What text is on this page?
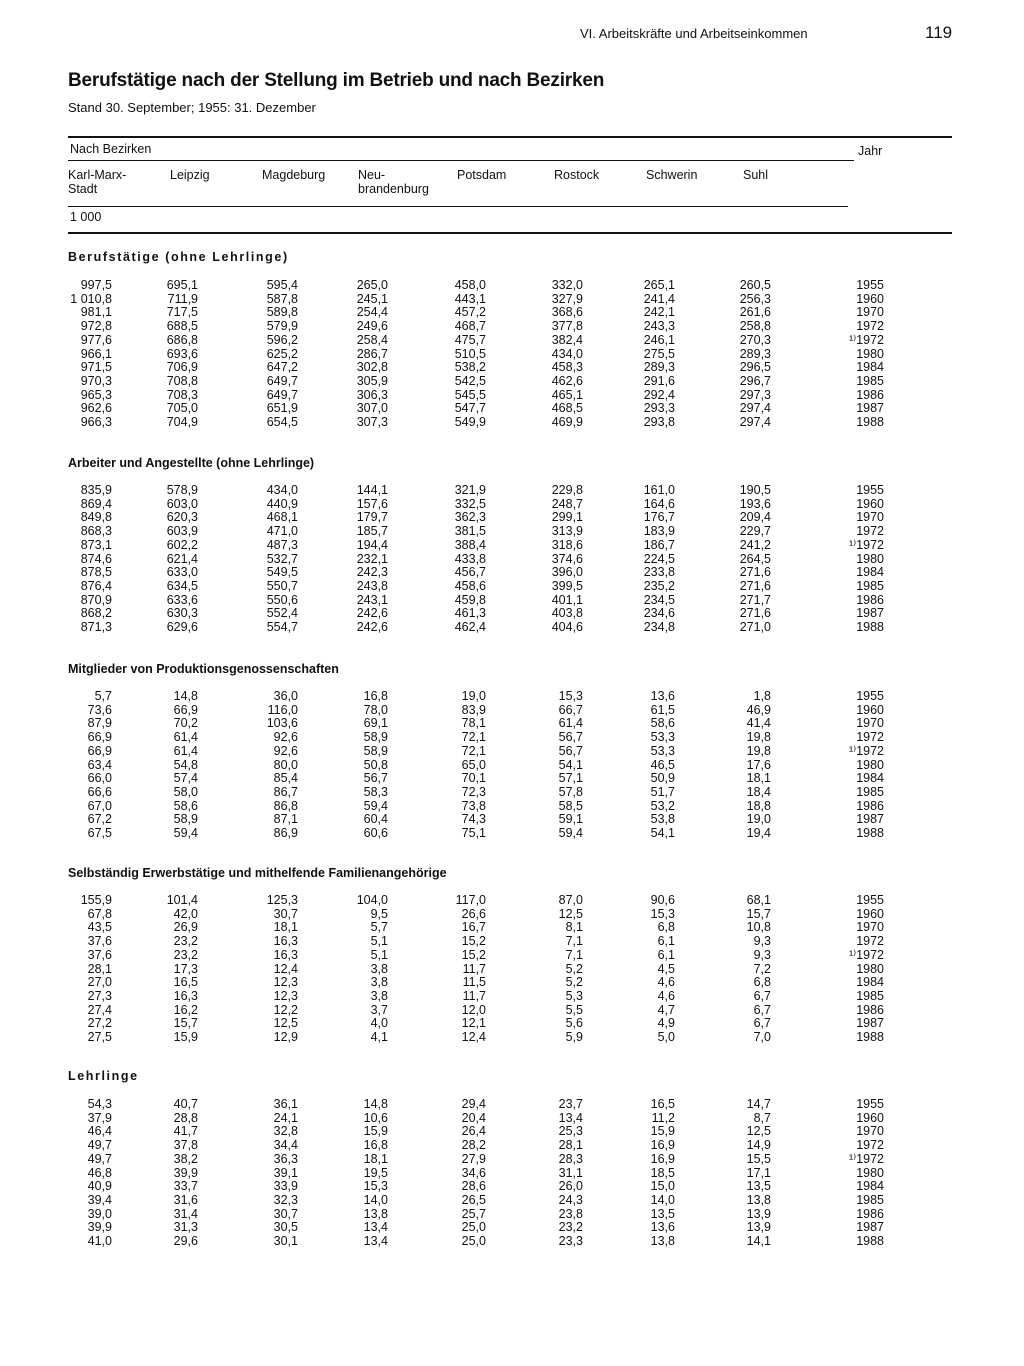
VI. Arbeitskräfte und Arbeitseinkommen	119
Berufstätige nach der Stellung im Betrieb und nach Bezirken
Stand 30. September; 1955: 31. Dezember
Nach Bezirken	Jahr
Karl-Marx-
Stadt
Leipzig	Magdeburg	Neu-
brandenburg
Potsdam	Rostock	Schwerin	Suhl
1 000
Berufstätige (ohne Lehrlinge)
Arbeiter und Angestellte (ohne Lehrlinge)
Mitglieder von Produktionsgenossenschaften
Selbständig Erwerbstätige und mithelfende Familienangehörige
Lehrlinge
997,5	695,1	595,4	265,0	458,0	332,0	265,1	260,5	1955
1 010,8	711,9	587,8	245,1	443,1	327,9	241,4	256,3	1960
981,1	717,5	589,8	254,4	457,2	368,6	242,1	261,6	1970
972,8	688,5	579,9	249,6	468,7	377,8	243,3	258,8	1972
977,6	686,8	596,2	258,4	475,7	382,4	246,1	270,3	¹⁾1972
966,1	693,6	625,2	286,7	510,5	434,0	275,5	289,3	1980
971,5	706,9	647,2	302,8	538,2	458,3	289,3	296,5	1984
970,3	708,8	649,7	305,9	542,5	462,6	291,6	296,7	1985
965,3	708,3	649,7	306,3	545,5	465,1	292,4	297,3	1986
962,6	705,0	651,9	307,0	547,7	468,5	293,3	297,4	1987
966,3	704,9	654,5	307,3	549,9	469,9	293,8	297,4	1988
835,9	578,9	434,0	144,1	321,9	229,8	161,0	190,5	1955
869,4	603,0	440,9	157,6	332,5	248,7	164,6	193,6	1960
849,8	620,3	468,1	179,7	362,3	299,1	176,7	209,4	1970
868,3	603,9	471,0	185,7	381,5	313,9	183,9	229,7	1972
873,1	602,2	487,3	194,4	388,4	318,6	186,7	241,2	¹⁾1972
874,6	621,4	532,7	232,1	433,8	374,6	224,5	264,5	1980
878,5	633,0	549,5	242,3	456,7	396,0	233,8	271,6	1984
876,4	634,5	550,7	243,8	458,6	399,5	235,2	271,6	1985
870,9	633,6	550,6	243,1	459,8	401,1	234,5	271,7	1986
868,2	630,3	552,4	242,6	461,3	403,8	234,6	271,6	1987
871,3	629,6	554,7	242,6	462,4	404,6	234,8	271,0	1988
5,7	14,8	36,0	16,8	19,0	15,3	13,6	1,8	1955
73,6	66,9	116,0	78,0	83,9	66,7	61,5	46,9	1960
87,9	70,2	103,6	69,1	78,1	61,4	58,6	41,4	1970
66,9	61,4	92,6	58,9	72,1	56,7	53,3	19,8	1972
66,9	61,4	92,6	58,9	72,1	56,7	53,3	19,8	¹⁾1972
63,4	54,8	80,0	50,8	65,0	54,1	46,5	17,6	1980
66,0	57,4	85,4	56,7	70,1	57,1	50,9	18,1	1984
66,6	58,0	86,7	58,3	72,3	57,8	51,7	18,4	1985
67,0	58,6	86,8	59,4	73,8	58,5	53,2	18,8	1986
67,2	58,9	87,1	60,4	74,3	59,1	53,8	19,0	1987
67,5	59,4	86,9	60,6	75,1	59,4	54,1	19,4	1988
155,9	101,4	125,3	104,0	117,0	87,0	90,6	68,1	1955
67,8	42,0	30,7	9,5	26,6	12,5	15,3	15,7	1960
43,5	26,9	18,1	5,7	16,7	8,1	6,8	10,8	1970
37,6	23,2	16,3	5,1	15,2	7,1	6,1	9,3	1972
37,6	23,2	16,3	5,1	15,2	7,1	6,1	9,3	¹⁾1972
28,1	17,3	12,4	3,8	11,7	5,2	4,5	7,2	1980
27,0	16,5	12,3	3,8	11,5	5,2	4,6	6,8	1984
27,3	16,3	12,3	3,8	11,7	5,3	4,6	6,7	1985
27,4	16,2	12,2	3,7	12,0	5,5	4,7	6,7	1986
27,2	15,7	12,5	4,0	12,1	5,6	4,9	6,7	1987
27,5	15,9	12,9	4,1	12,4	5,9	5,0	7,0	1988
54,3	40,7	36,1	14,8	29,4	23,7	16,5	14,7	1955
37,9	28,8	24,1	10,6	20,4	13,4	11,2	8,7	1960
46,4	41,7	32,8	15,9	26,4	25,3	15,9	12,5	1970
49,7	37,8	34,4	16,8	28,2	28,1	16,9	14,9	1972
49,7	38,2	36,3	18,1	27,9	28,3	16,9	15,5	¹⁾1972
46,8	39,9	39,1	19,5	34,6	31,1	18,5	17,1	1980
40,9	33,7	33,9	15,3	28,6	26,0	15,0	13,5	1984
39,4	31,6	32,3	14,0	26,5	24,3	14,0	13,8	1985
39,0	31,4	30,7	13,8	25,7	23,8	13,5	13,9	1986
39,9	31,3	30,5	13,4	25,0	23,2	13,6	13,9	1987
41,0	29,6	30,1	13,4	25,0	23,3	13,8	14,1	1988
